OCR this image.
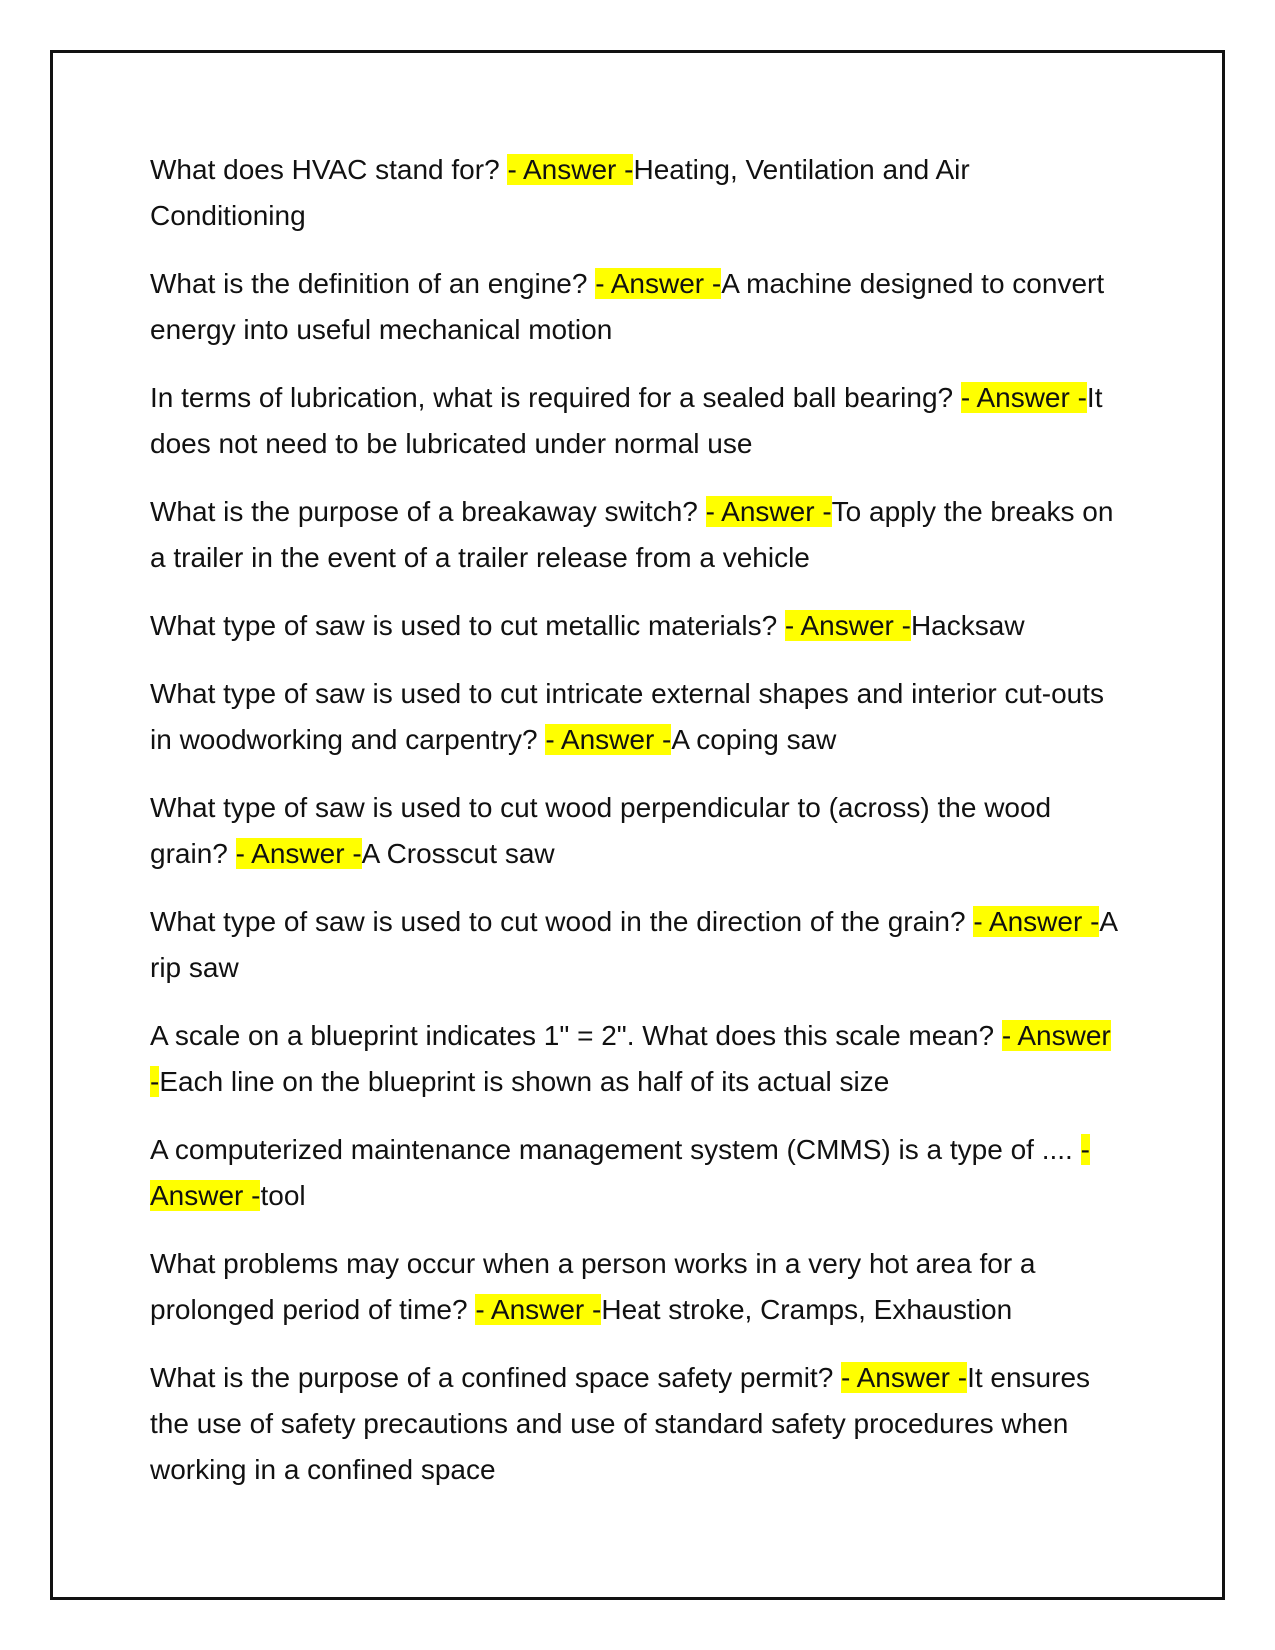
What does HVAC stand for? - Answer -Heating, Ventilation and Air Conditioning

What is the definition of an engine? - Answer -A machine designed to convert energy into useful mechanical motion

In terms of lubrication, what is required for a sealed ball bearing? - Answer -It does not need to be lubricated under normal use

What is the purpose of a breakaway switch? - Answer -To apply the breaks on a trailer in the event of a trailer release from a vehicle

What type of saw is used to cut metallic materials? - Answer -Hacksaw

What type of saw is used to cut intricate external shapes and interior cut-outs in woodworking and carpentry? - Answer -A coping saw

What type of saw is used to cut wood perpendicular to (across) the wood grain? - Answer -A Crosscut saw

What type of saw is used to cut wood in the direction of the grain? - Answer -A rip saw

A scale on a blueprint indicates 1" = 2". What does this scale mean? - Answer -Each line on the blueprint is shown as half of its actual size

A computerized maintenance management system (CMMS) is a type of .... - Answer -tool

What problems may occur when a person works in a very hot area for a prolonged period of time? - Answer -Heat stroke, Cramps, Exhaustion

What is the purpose of a confined space safety permit? - Answer -It ensures the use of safety precautions and use of standard safety procedures when working in a confined space
